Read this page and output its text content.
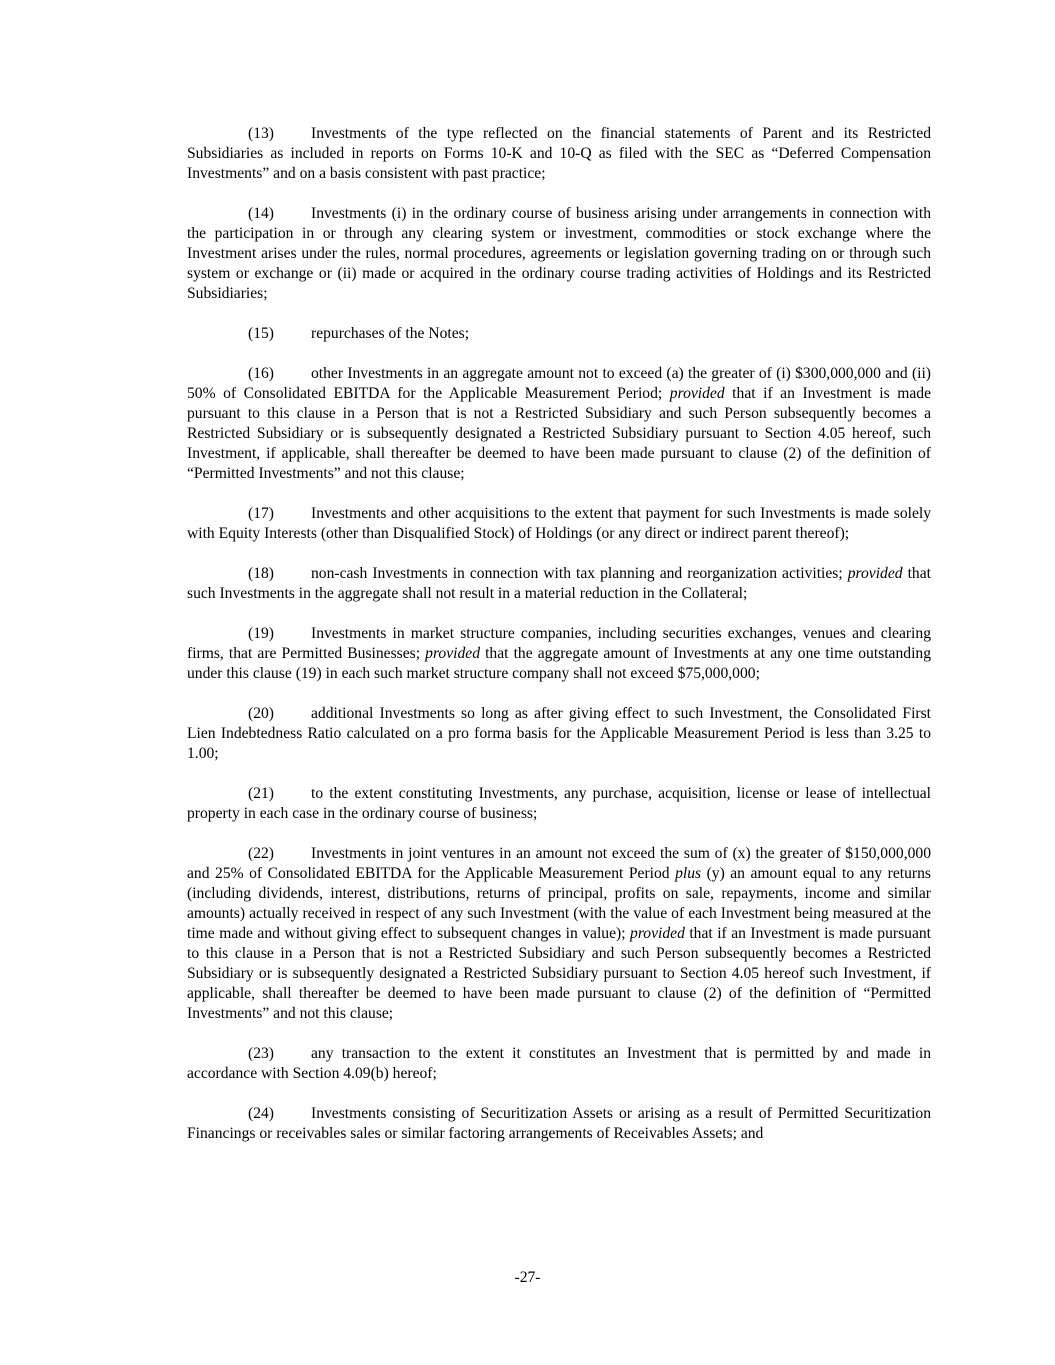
(13) Investments of the type reflected on the financial statements of Parent and its Restricted Subsidiaries as included in reports on Forms 10-K and 10-Q as filed with the SEC as “Deferred Compensation Investments” and on a basis consistent with past practice;

(14) Investments (i) in the ordinary course of business arising under arrangements in connection with the participation in or through any clearing system or investment, commodities or stock exchange where the Investment arises under the rules, normal procedures, agreements or legislation governing trading on or through such system or exchange or (ii) made or acquired in the ordinary course trading activities of Holdings and its Restricted Subsidiaries;

(15) repurchases of the Notes;

(16) other Investments in an aggregate amount not to exceed (a) the greater of (i) $300,000,000 and (ii) 50% of Consolidated EBITDA for the Applicable Measurement Period; provided that if an Investment is made pursuant to this clause in a Person that is not a Restricted Subsidiary and such Person subsequently becomes a Restricted Subsidiary or is subsequently designated a Restricted Subsidiary pursuant to Section 4.05 hereof, such Investment, if applicable, shall thereafter be deemed to have been made pursuant to clause (2) of the definition of “Permitted Investments” and not this clause;

(17) Investments and other acquisitions to the extent that payment for such Investments is made solely with Equity Interests (other than Disqualified Stock) of Holdings (or any direct or indirect parent thereof);

(18) non-cash Investments in connection with tax planning and reorganization activities; provided that such Investments in the aggregate shall not result in a material reduction in the Collateral;

(19) Investments in market structure companies, including securities exchanges, venues and clearing firms, that are Permitted Businesses; provided that the aggregate amount of Investments at any one time outstanding under this clause (19) in each such market structure company shall not exceed $75,000,000;

(20) additional Investments so long as after giving effect to such Investment, the Consolidated First Lien Indebtedness Ratio calculated on a pro forma basis for the Applicable Measurement Period is less than 3.25 to 1.00;

(21) to the extent constituting Investments, any purchase, acquisition, license or lease of intellectual property in each case in the ordinary course of business;

(22) Investments in joint ventures in an amount not exceed the sum of (x) the greater of $150,000,000 and 25% of Consolidated EBITDA for the Applicable Measurement Period plus (y) an amount equal to any returns (including dividends, interest, distributions, returns of principal, profits on sale, repayments, income and similar amounts) actually received in respect of any such Investment (with the value of each Investment being measured at the time made and without giving effect to subsequent changes in value); provided that if an Investment is made pursuant to this clause in a Person that is not a Restricted Subsidiary and such Person subsequently becomes a Restricted Subsidiary or is subsequently designated a Restricted Subsidiary pursuant to Section 4.05 hereof such Investment, if applicable, shall thereafter be deemed to have been made pursuant to clause (2) of the definition of “Permitted Investments” and not this clause;

(23) any transaction to the extent it constitutes an Investment that is permitted by and made in accordance with Section 4.09(b) hereof;

(24) Investments consisting of Securitization Assets or arising as a result of Permitted Securitization Financings or receivables sales or similar factoring arrangements of Receivables Assets; and

-27-
